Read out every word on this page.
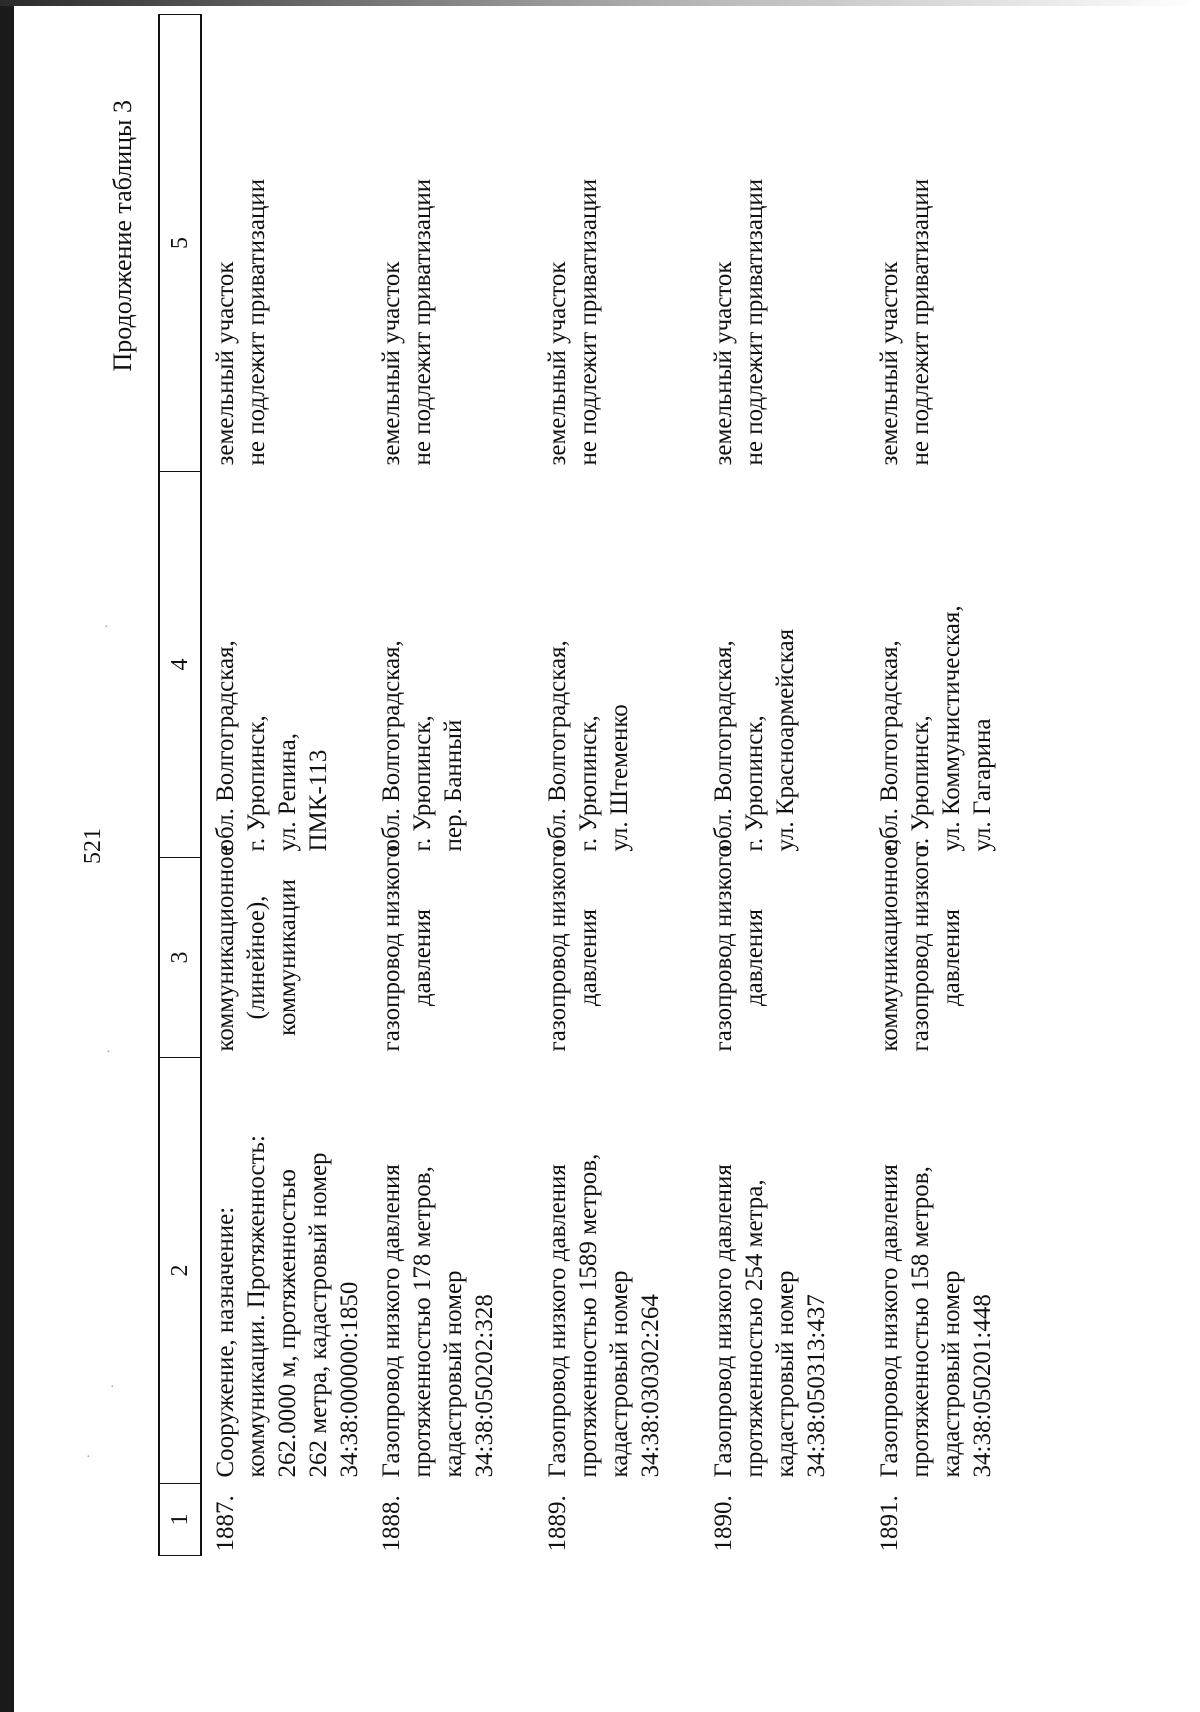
·
·
·
·
521
Продолжение таблицы 3
1	2	3	4	5
1887.	Сооружение, назначение: коммуникации. Протяженность: 262.0000 м, протяженностью 262 метра, кадастровый номер 34:38:000000:1850	коммуникационное (линейное), коммуникации	обл. Волгоградская, г. Урюпинск, ул. Репина, ПМК-113	земельный участок не подлежит приватизации

1888.	Газопровод низкого давления протяженностью 178 метров, кадастровый номер 34:38:050202:328	газопровод низкого давления	обл. Волгоградская, г. Урюпинск, пер. Банный	земельный участок не подлежит приватизации

1889.	Газопровод низкого давления протяженностью 1589 метров, кадастровый номер 34:38:030302:264	газопровод низкого давления	обл. Волгоградская, г. Урюпинск, ул. Штеменко	земельный участок не подлежит приватизации

1890.	Газопровод низкого давления протяженностью 254 метра, кадастровый номер 34:38:050313:437	газопровод низкого давления	обл. Волгоградская, г. Урюпинск, ул. Красноармейская	земельный участок не подлежит приватизации

1891.	Газопровод низкого давления протяженностью 158 метров, кадастровый номер 34:38:050201:448	коммуникационное, газопровод низкого давления	обл. Волгоградская, г. Урюпинск, ул. Коммунистическая, ул. Гагарина	земельный участок не подлежит приватизации
